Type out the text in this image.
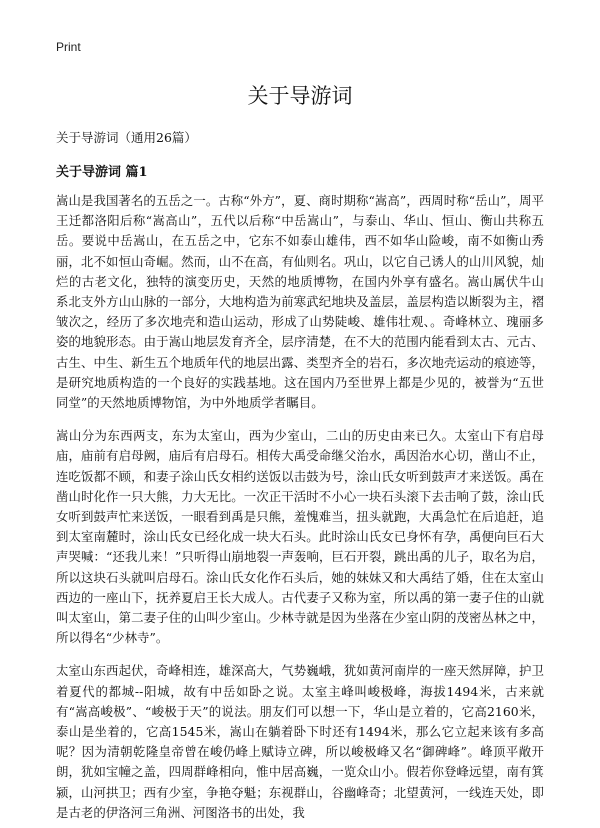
Print
关于导游词
关于导游词（通用26篇）
关于导游词 篇1

嵩山是我国著名的五岳之一。古称“外方”，夏、商时期称“嵩高”，西周时称“岳山”，周平王迁都洛阳后称“嵩高山”，五代以后称“中岳嵩山”，与泰山、华山、恒山、衡山共称五岳。要说中岳嵩山，在五岳之中，它东不如泰山雄伟，西不如华山险峻，南不如衡山秀丽，北不如恒山奇崛。然而，山不在高，有仙则名。巩山，以它自己诱人的山川风貌，灿烂的古老文化，独特的演变历史，天然的地质博物，在国内外享有盛名。嵩山属伏牛山 系北支外方山山脉的一部分，大地构造为前寒武纪地块及盖层，盖层构造以断裂为主，褶皱次之，经历了多次地壳和造山运动，形成了山势陡峻、雄伟壮观、。奇峰林立、瑰丽多姿的地貌形态。由于嵩山地层发育齐全，层序清楚，在不大的范围内能看到太古、元古、古生、中生、新生五个地质年代的地层出露、类型齐全的岩石，多次地壳运动的痕迹等，是研究地质构造的一个良好的实践基地。这在国内乃至世界上都是少见的，被誉为“五世同堂”的天然地质博物馆，为中外地质学者瞩目。

嵩山分为东西两支，东为太室山，西为少室山，二山的历史由来已久。太室山下有启母庙，庙前有启母阙，庙后有启母石。相传大禹受命继父治水，禹因治水心切，凿山不止，连吃饭都不顾，和妻子涂山氏女相约送饭以击鼓为号，涂山氏女听到鼓声才来送饭。禹在凿山时化作一只大熊，力大无比。一次正干活时不小心一块石头滚下去击响了鼓，涂山氏女听到鼓声忙来送饭，一眼看到禹是只熊，羞愧难当，扭头就跑，大禹急忙在后追赶，追到太室南麓时，涂山氏女已经化成一块大石头。此时涂山氏女已身怀有孕，禹便向巨石大声哭喊：“还我儿来！”只听得山崩地裂一声轰响，巨石开裂，跳出禹的儿子，取名为启，所以这块石头就叫启母石。涂山氏女化作石头后，她的妹妹又和大禹结了婚，住在太室山西边的一座山下，抚养夏启王长大成人。古代妻子又称为室，所以禹的第一妻子住的山就叫太室山，第二妻子住的山叫少室山。少林寺就是因为坐落在少室山阴的茂密丛林之中，所以得名“少林寺”。

太室山东西起伏，奇峰相连，雄深高大，气势巍峨，犹如黄河南岸的一座天然屏障，护卫着夏代的都城--阳城，故有中岳如卧之说。太室主峰叫峻极峰，海拔1494米，古来就有“嵩高峻极”、“峻极于天”的说法。朋友们可以想一下，华山是立着的，它高2160米，泰山是坐着的，它高1545米，嵩山在躺着卧下时还有1494米，那么它立起来该有多高呢？因为清朝乾隆皇帝曾在峻仍峰上赋诗立碑，所以峻极峰又名“御碑峰”。峰顶平敞开朗，犹如宝幢之盖，四周群峰相向，惟中居高巍，一览众山小。假若你登峰远望，南有箕颍，山河拱卫；西有少室，争艳夺魁；东视群山，谷幽峰奇；北望黄河，一线连天处，即是古老的伊洛河三角洲、河图洛书的出处，我
